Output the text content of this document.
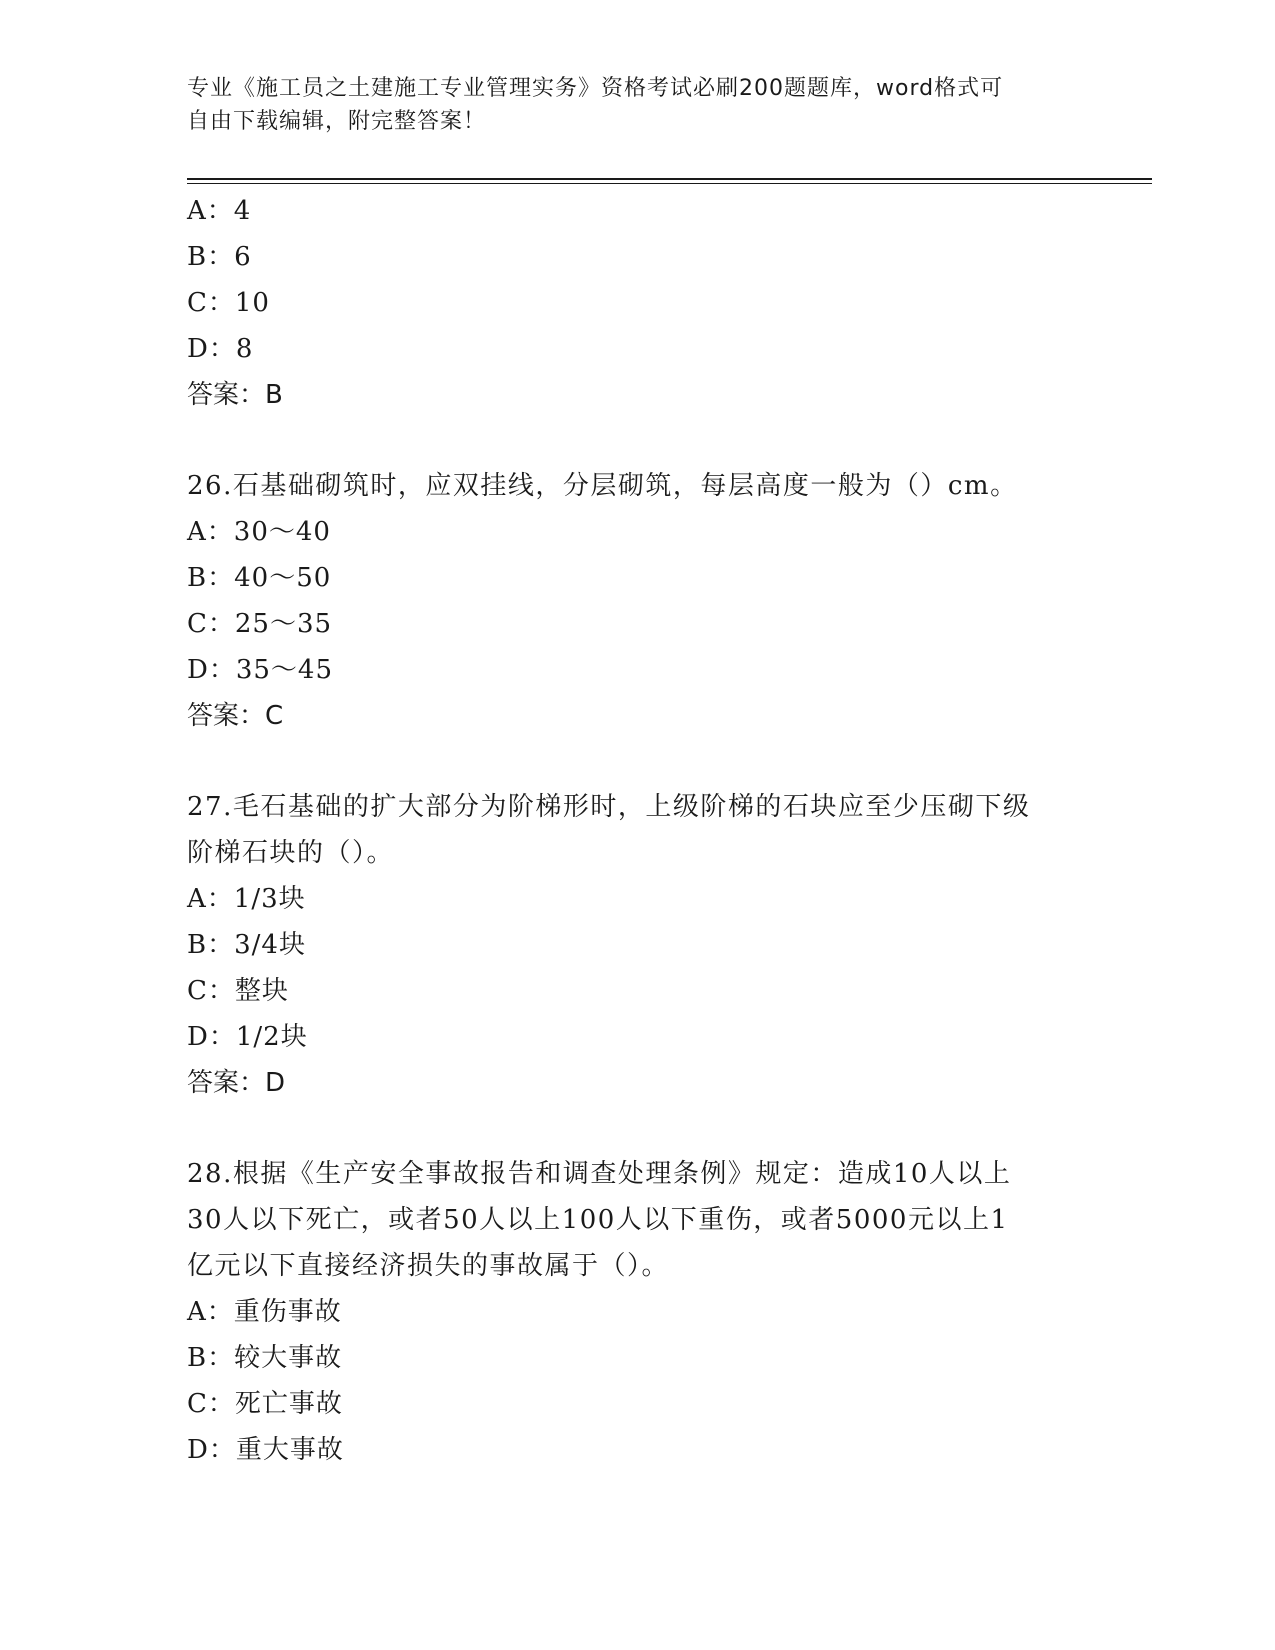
专业《施工员之土建施工专业管理实务》资格考试必刷200题题库，word格式可
自由下载编辑，附完整答案！
A：4
B：6
C：10
D：8
答案：B
26.石基础砌筑时，应双挂线，分层砌筑，每层高度一般为（）cm。
A：30～40
B：40～50
C：25～35
D：35～45
答案：C
27.毛石基础的扩大部分为阶梯形时，上级阶梯的石块应至少压砌下级
阶梯石块的（）。
A：1/3块
B：3/4块
C：整块
D：1/2块
答案：D
28.根据《生产安全事故报告和调查处理条例》规定：造成10人以上
30人以下死亡，或者50人以上100人以下重伤，或者5000元以上1
亿元以下直接经济损失的事故属于（）。
A：重伤事故
B：较大事故
C：死亡事故
D：重大事故
